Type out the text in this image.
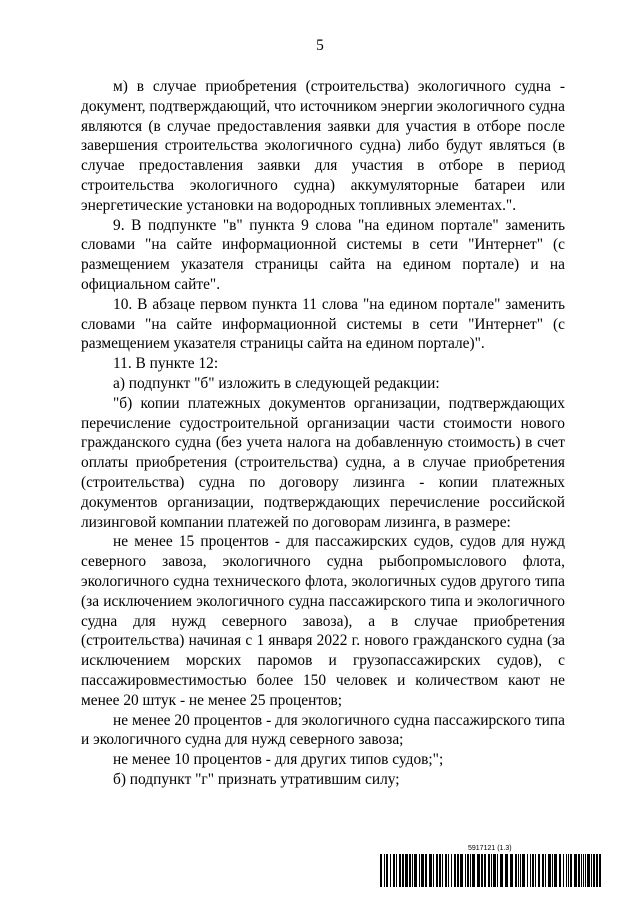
5

м) в случае приобретения (строительства) экологичного судна - документ, подтверждающий, что источником энергии экологичного судна являются (в случае предоставления заявки для участия в отборе после завершения строительства экологичного судна) либо будут являться (в случае предоставления заявки для участия в отборе в период строительства экологичного судна) аккумуляторные батареи или энергетические установки на водородных топливных элементах.".

9. В подпункте "в" пункта 9 слова "на едином портале" заменить словами "на сайте информационной системы в сети "Интернет" (с размещением указателя страницы сайта на едином портале) и на официальном сайте".

10. В абзаце первом пункта 11 слова "на едином портале" заменить словами "на сайте информационной системы в сети "Интернет" (с размещением указателя страницы сайта на едином портале)".

11. В пункте 12:

а) подпункт "б" изложить в следующей редакции:

"б) копии платежных документов организации, подтверждающих перечисление судостроительной организации части стоимости нового гражданского судна (без учета налога на добавленную стоимость) в счет оплаты приобретения (строительства) судна, а в случае приобретения (строительства) судна по договору лизинга - копии платежных документов организации, подтверждающих перечисление российской лизинговой компании платежей по договорам лизинга, в размере:

не менее 15 процентов - для пассажирских судов, судов для нужд северного завоза, экологичного судна рыбопромыслового флота, экологичного судна технического флота, экологичных судов другого типа (за исключением экологичного судна пассажирского типа и экологичного судна для нужд северного завоза), а в случае приобретения (строительства) начиная с 1 января 2022 г. нового гражданского судна (за исключением морских паромов и грузопассажирских судов), с пассажировместимостью более 150 человек и количеством кают не менее 20 штук - не менее 25 процентов;

не менее 20 процентов - для экологичного судна пассажирского типа и экологичного судна для нужд северного завоза;

не менее 10 процентов - для других типов судов;";

б) подпункт "г" признать утратившим силу;

5917121 (1.3)
